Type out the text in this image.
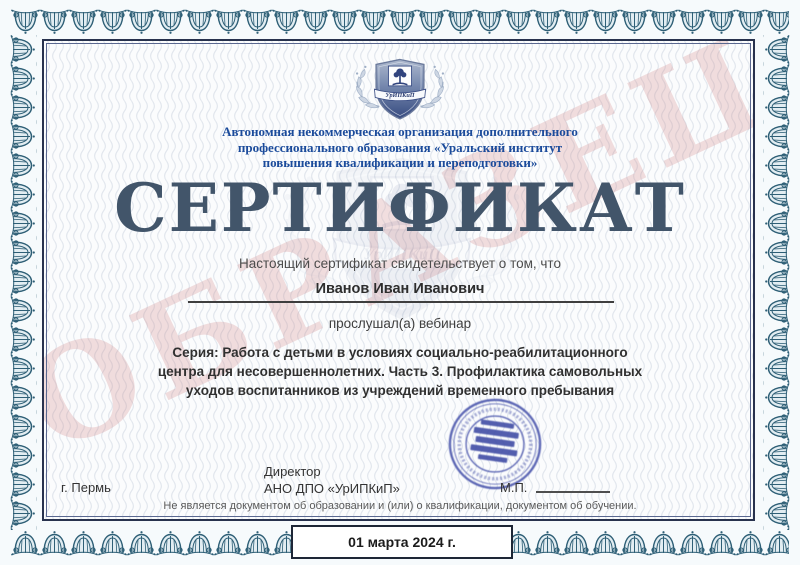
Автономная некоммерческая организация дополнительного
профессионального образования «Уральский институт
повышения квалификации и переподготовки»
СЕРТИФИКАТ
Настоящий сертификат свидетельствует о том, что
Иванов Иван Иванович
прослушал(а) вебинар
Серия: Работа с детьми в условиях социально-реабилитационного
центра для несовершеннолетних. Часть 3. Профилактика самовольных
уходов воспитанников из учреждений временного пребывания
Директор
АНО ДПО «УрИПКиП»
г. Пермь	М.П.
Не является документом об образовании и (или) о квалификации, документом об обучении.
01 марта 2024 г.
